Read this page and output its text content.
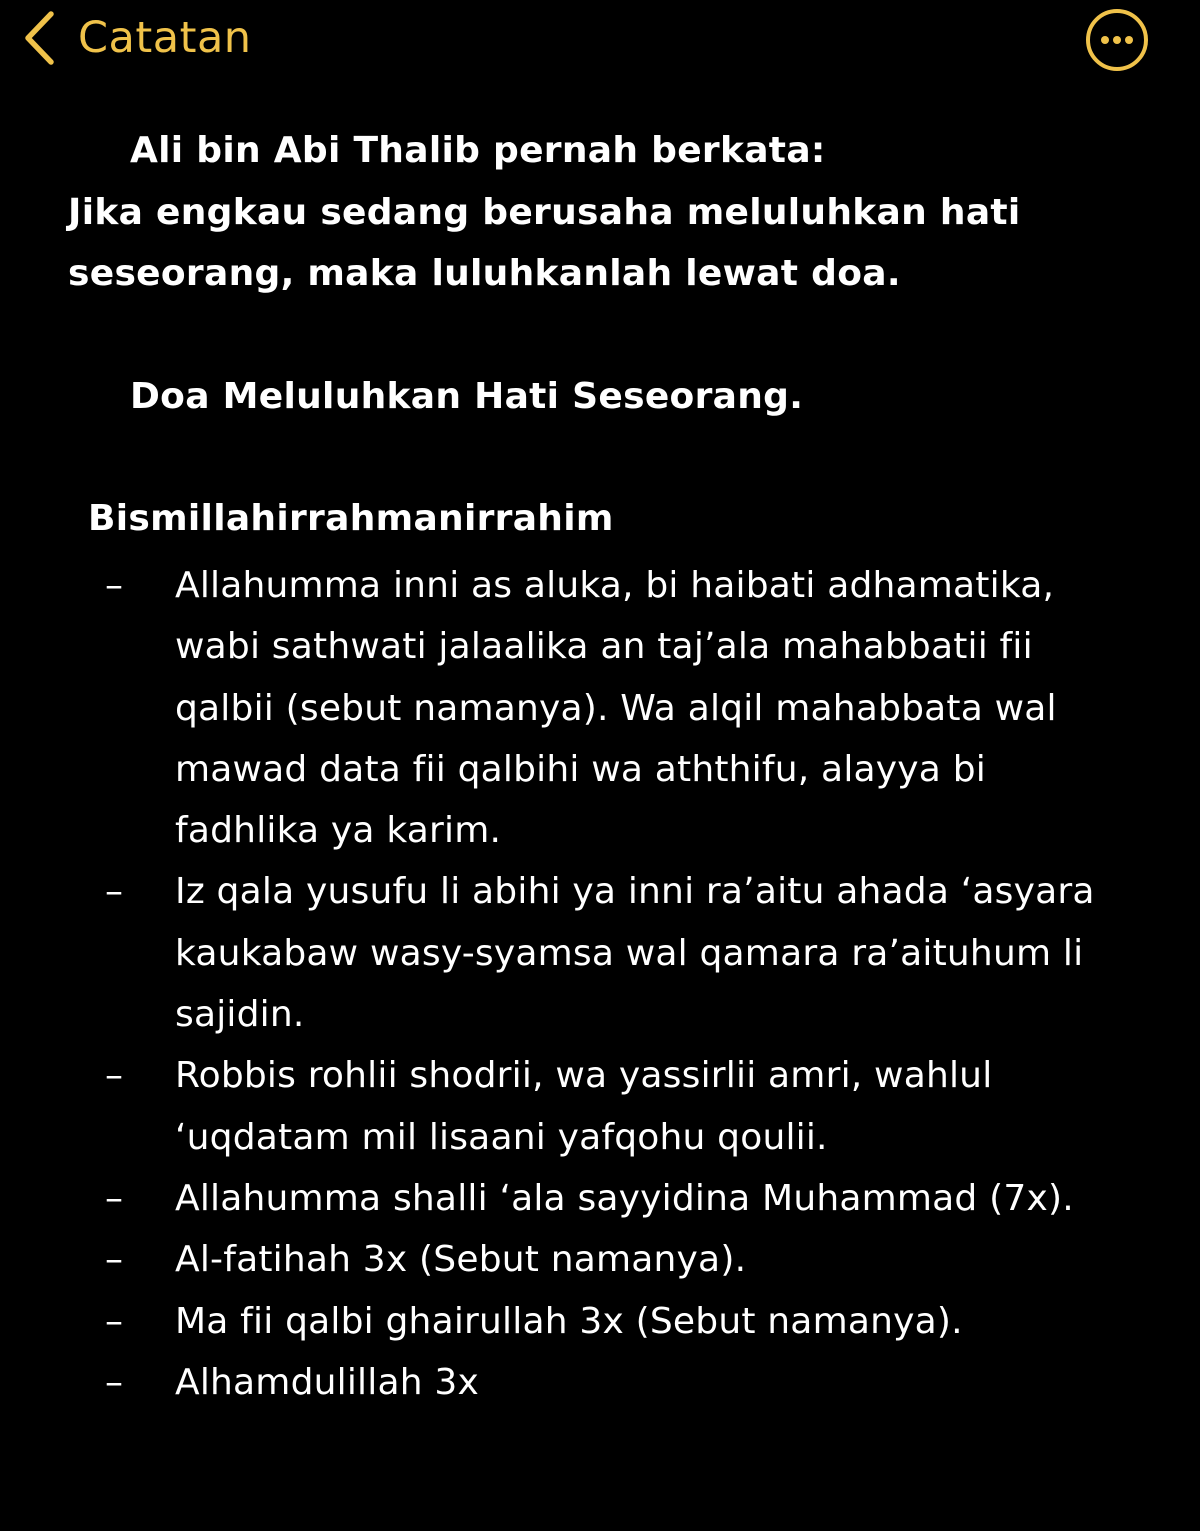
Catatan
Ali bin Abi Thalib pernah berkata:
Jika engkau sedang berusaha meluluhkan hati
seseorang, maka luluhkanlah lewat doa.
Doa Meluluhkan Hati Seseorang.
Bismillahirrahmanirrahim
–	Allahumma inni as aluka, bi haibati adhamatika, wabi sathwati jalaalika an taj’ala mahabbatii fii qalbii (sebut namanya). Wa alqil mahabbata wal mawad data fii qalbihi wa aththifu, alayya bi fadhlika ya karim.
–	Iz qala yusufu li abihi ya inni ra’aitu ahada ‘asyara kaukabaw wasy-syamsa wal qamara ra’aituhum li sajidin.
–	Robbis rohlii shodrii, wa yassirlii amri, wahlul ‘uqdatam mil lisaani yafqohu qoulii.
–	Allahumma shalli ‘ala sayyidina Muhammad (7x).
–	Al-fatihah 3x (Sebut namanya).
–	Ma fii qalbi ghairullah 3x (Sebut namanya).
–	Alhamdulillah 3x
